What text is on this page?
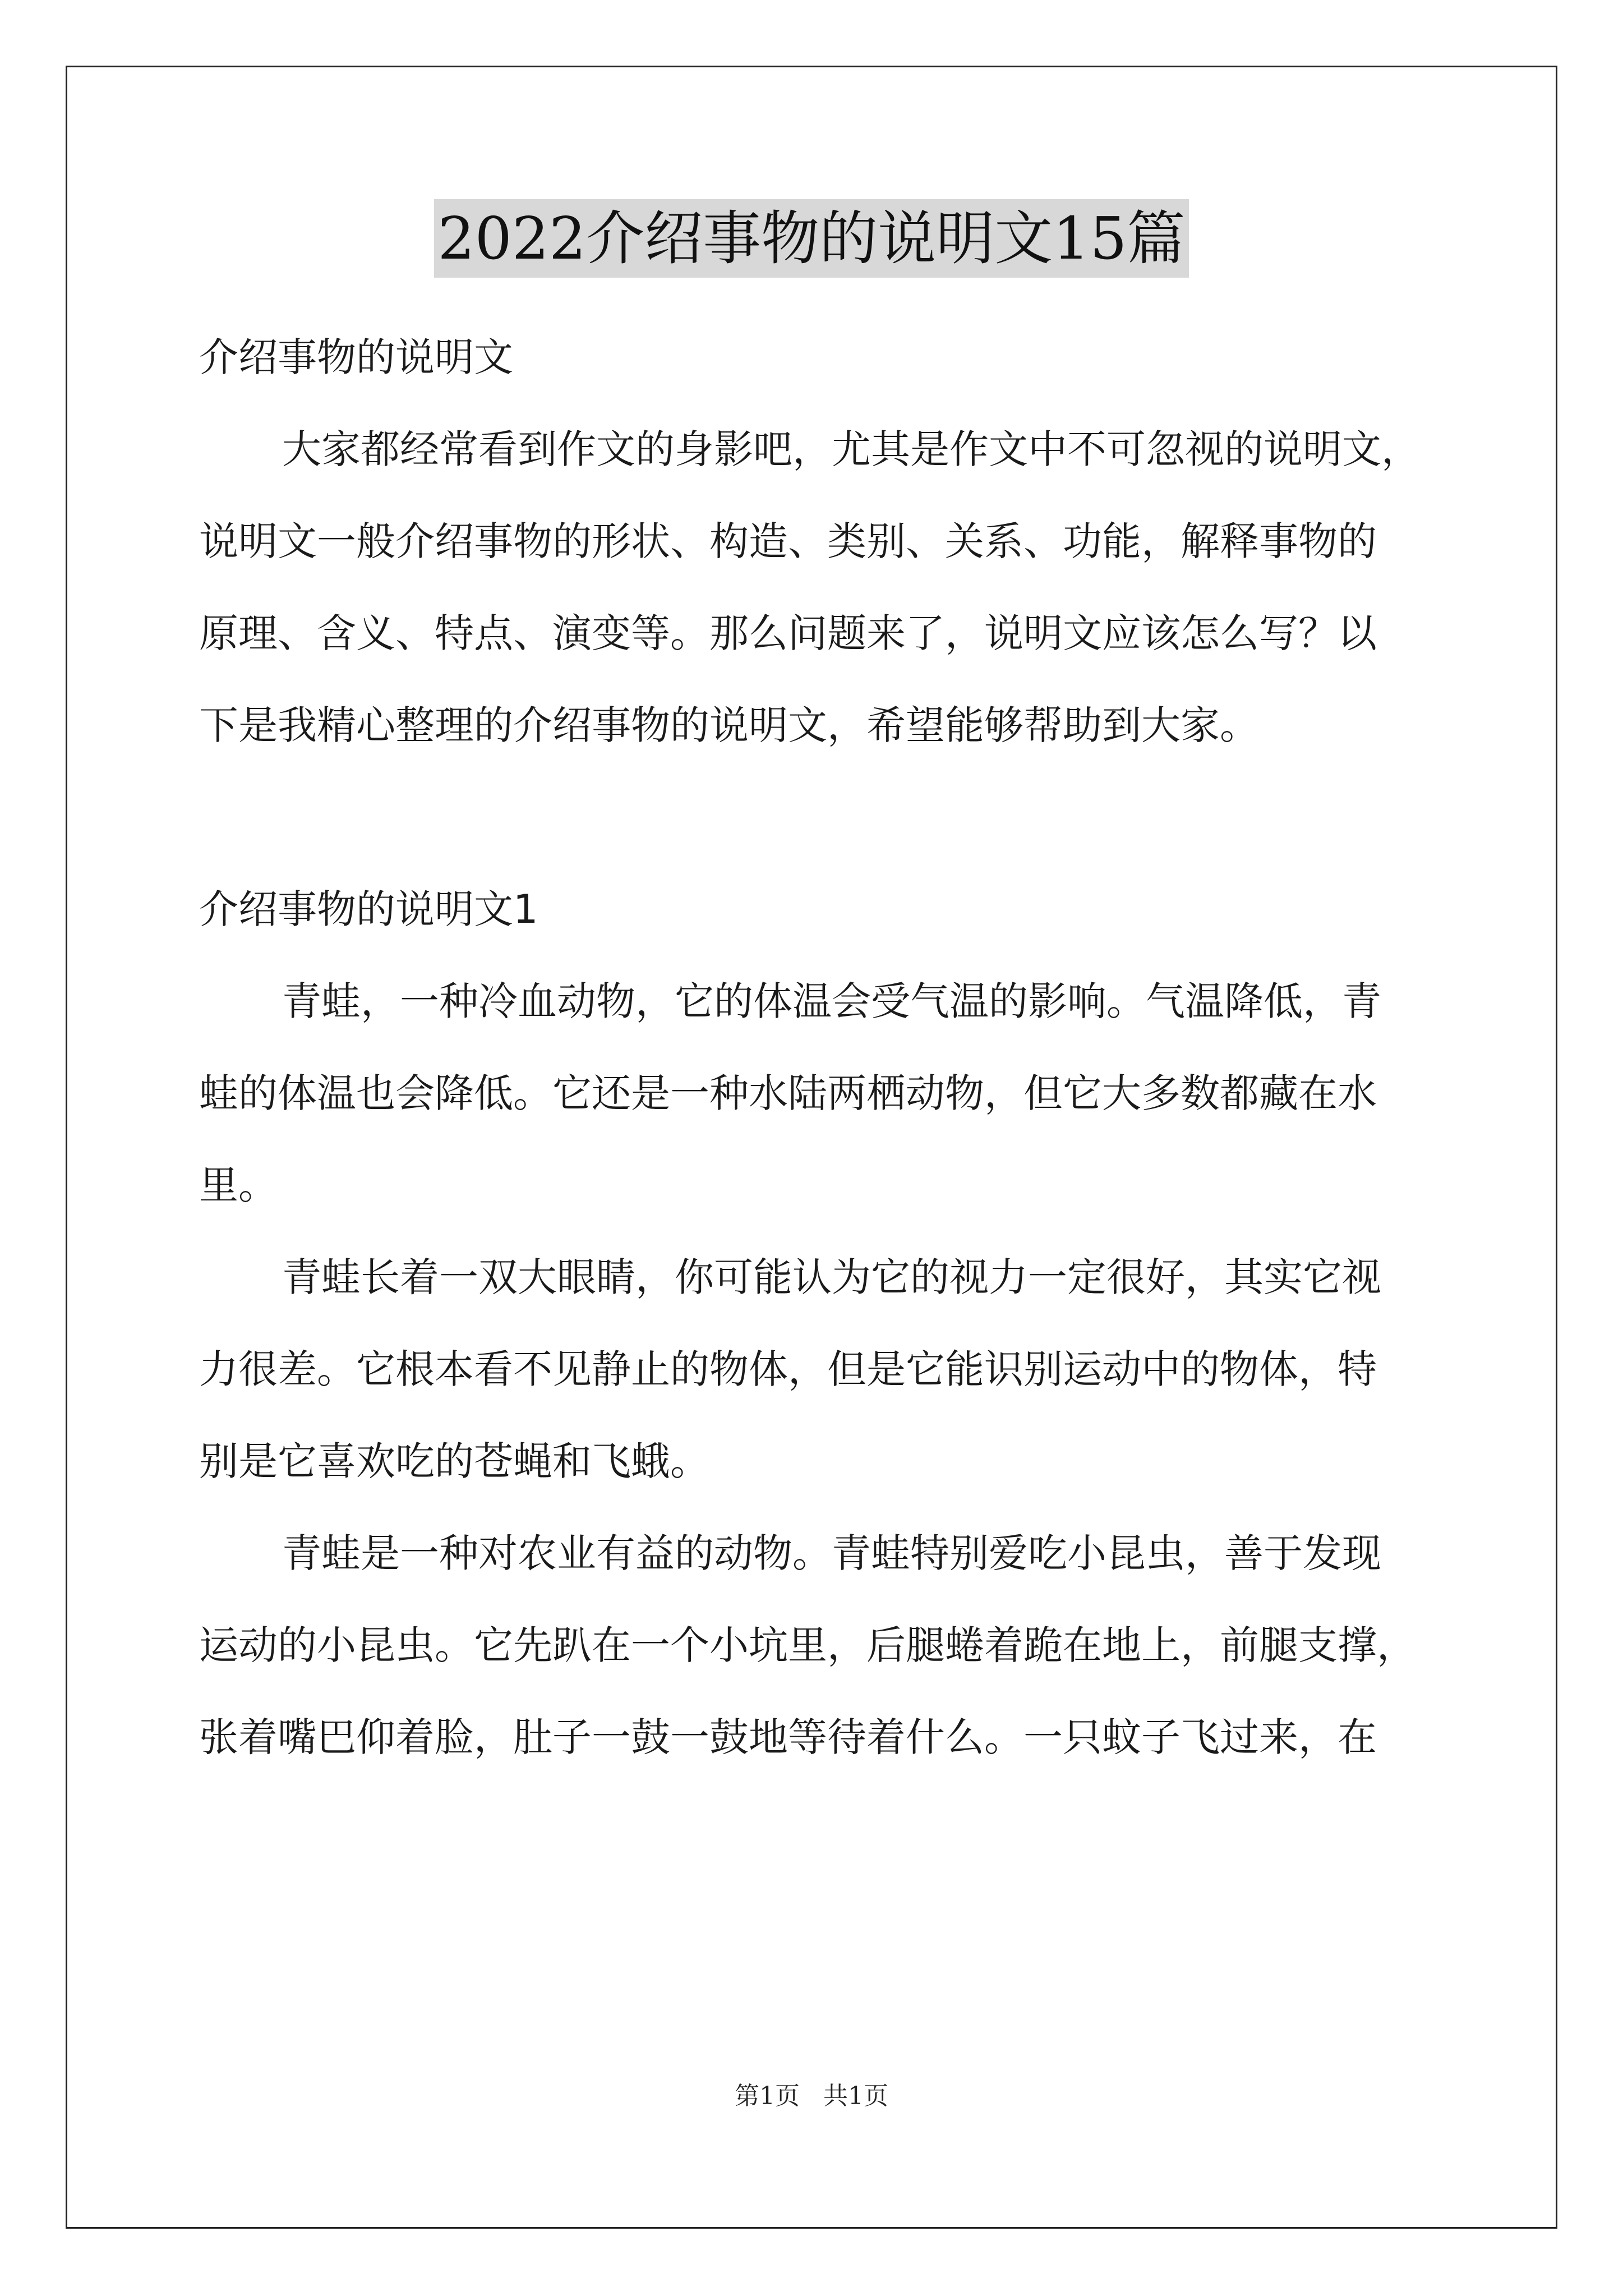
2022介绍事物的说明文15篇
介绍事物的说明文
大家都经常看到作文的身影吧，尤其是作文中不可忽视的说明文，
说明文一般介绍事物的形状、构造、类别、关系、功能，解释事物的
原理、含义、特点、演变等。那么问题来了，说明文应该怎么写？以
下是我精心整理的介绍事物的说明文，希望能够帮助到大家。
介绍事物的说明文1
青蛙，一种冷血动物，它的体温会受气温的影响。气温降低，青
蛙的体温也会降低。它还是一种水陆两栖动物，但它大多数都藏在水
里。
青蛙长着一双大眼睛，你可能认为它的视力一定很好，其实它视
力很差。它根本看不见静止的物体，但是它能识别运动中的物体，特
别是它喜欢吃的苍蝇和飞蛾。
青蛙是一种对农业有益的动物。青蛙特别爱吃小昆虫，善于发现
运动的小昆虫。它先趴在一个小坑里，后腿蜷着跪在地上，前腿支撑，
张着嘴巴仰着脸，肚子一鼓一鼓地等待着什么。一只蚊子飞过来，在
第1页   共1页
